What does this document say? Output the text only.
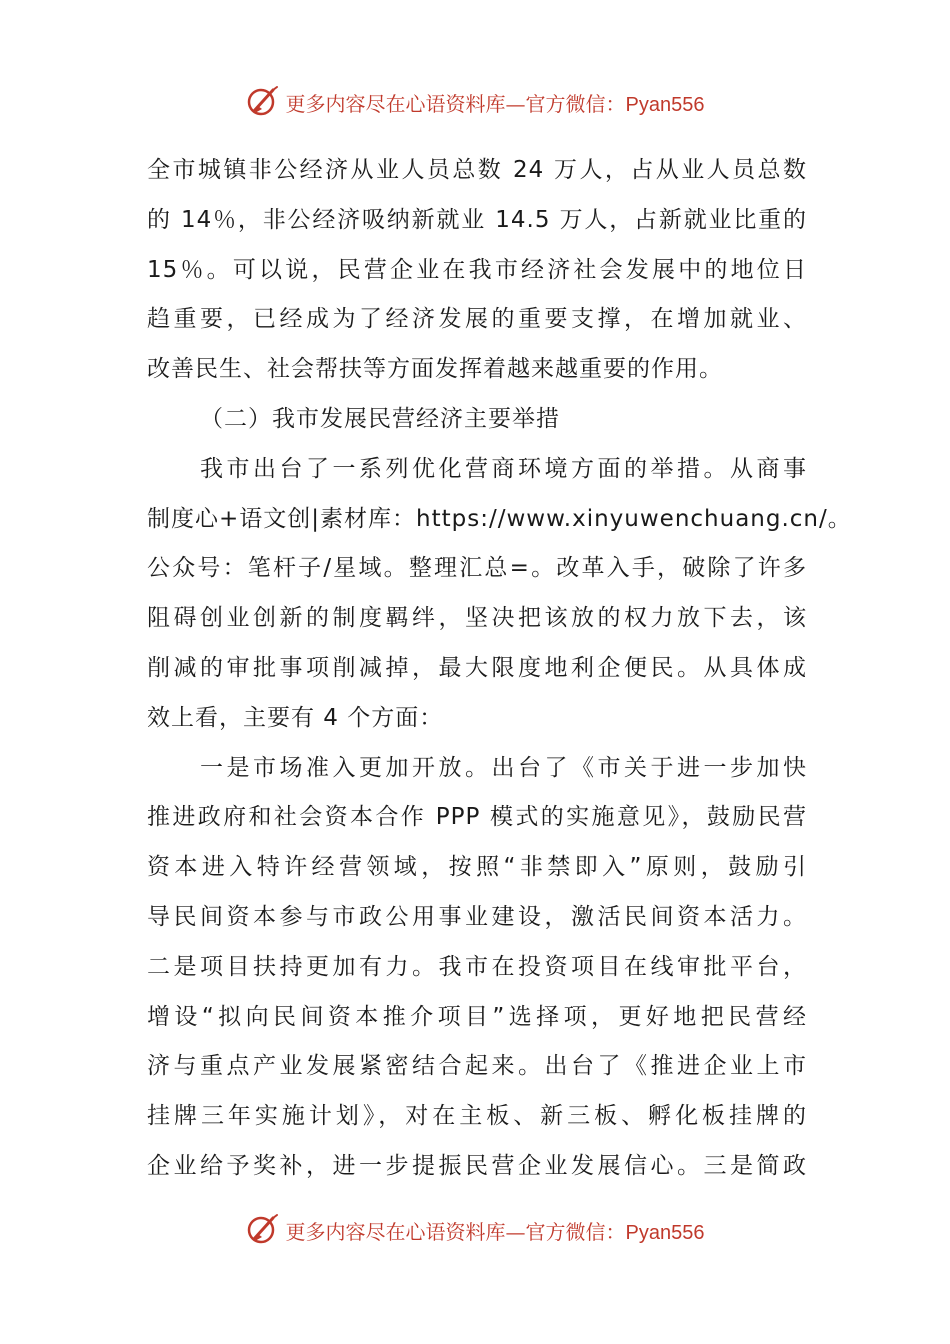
更多内容尽在心语资料库—官方微信：Pyan556
全市城镇非公经济从业人员总数 24 万人，占从业人员总数
的 14％，非公经济吸纳新就业 14.5 万人，占新就业比重的
15％。可以说，民营企业在我市经济社会发展中的地位日
趋重要，已经成为了经济发展的重要支撑，在增加就业、
改善民生、社会帮扶等方面发挥着越来越重要的作用。
（二）我市发展民营经济主要举措
我市出台了一系列优化营商环境方面的举措。从商事
制度心+语文创|素材库：https://www.xinyuwenchuang.cn/。
公众号：笔杆子/星域。整理汇总=。改革入手，破除了许多
阻碍创业创新的制度羁绊，坚决把该放的权力放下去，该
削减的审批事项削减掉，最大限度地利企便民。从具体成
效上看，主要有 4 个方面：
一是市场准入更加开放。出台了《市关于进一步加快
推进政府和社会资本合作 PPP 模式的实施意见》，鼓励民营
资本进入特许经营领域，按照“非禁即入”原则，鼓励引
导民间资本参与市政公用事业建设，激活民间资本活力。
二是项目扶持更加有力。我市在投资项目在线审批平台，
增设“拟向民间资本推介项目”选择项，更好地把民营经
济与重点产业发展紧密结合起来。出台了《推进企业上市
挂牌三年实施计划》，对在主板、新三板、孵化板挂牌的
企业给予奖补，进一步提振民营企业发展信心。三是简政
更多内容尽在心语资料库—官方微信：Pyan556
